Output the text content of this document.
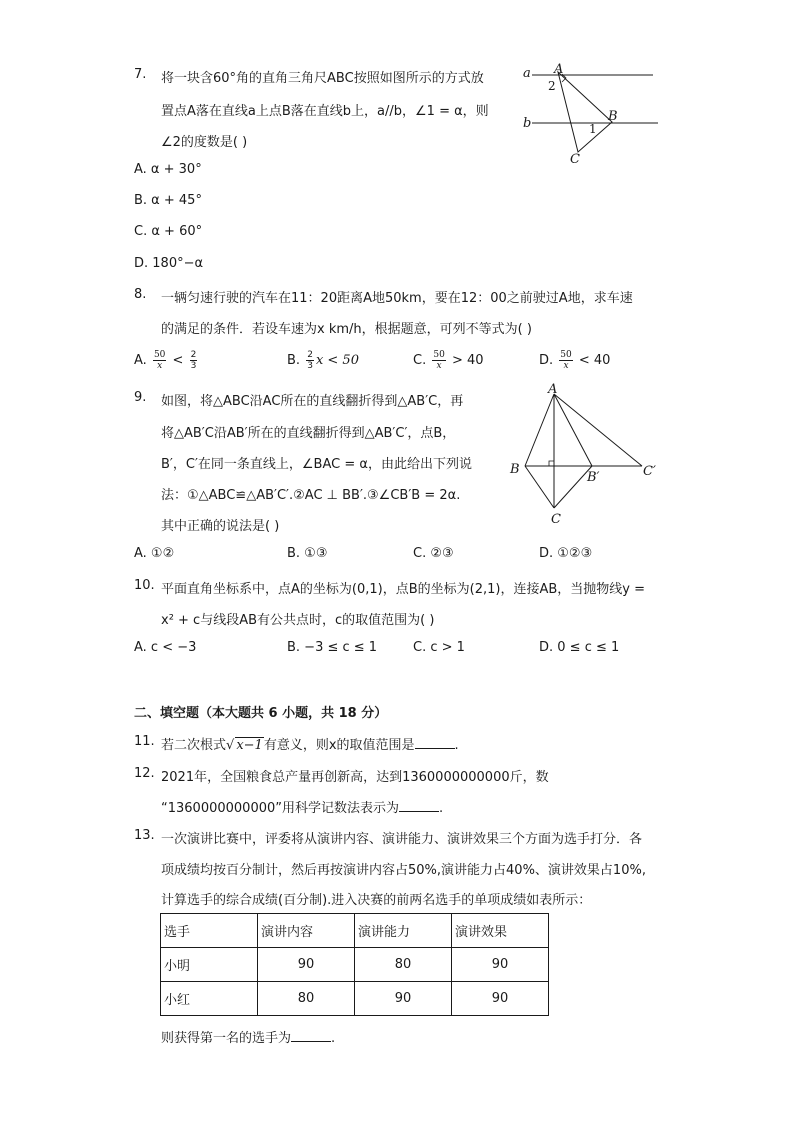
7. 将一块含60°角的直角三角尺ABC按照如图所示的方式放
置点A落在直线a上点B落在直线b上，a//b，∠1 = α，则
∠2的度数是( )
A. α + 30°
B. α + 45°
C. α + 60°
D. 180°−α
a
b
A
B
C
1
2
8. 一辆匀速行驶的汽车在11：20距离A地50km，要在12：00之前驶过A地，求车速
的满足的条件．若设车速为x km/h，根据题意，可列不等式为( )
A. $\frac{50}{x} < \frac{2}{3}$	B. $\frac{2}{3}$ x < 50	C. $\frac{50}{x} > 40$	D. $\frac{50}{x} < 40$
9. 如图，将△ABC沿AC所在的直线翻折得到△AB′C，再
将△AB′C沿AB′所在的直线翻折得到△AB′C′，点B，
B′，C′在同一条直线上，∠BAC = α，由此给出下列说
法：①△ABC≌△AB′C′.②AC ⊥ BB′.③∠CB′B = 2α.
其中正确的说法是( )
A. ①②	B. ①③	C. ②③	D. ①②③
A
B
B′
C
C′
10. 平面直角坐标系中，点A的坐标为(0,1)，点B的坐标为(2,1)，连接AB，当抛物线y =
x² + c与线段AB有公共点时，c的取值范围为( )
A. c < −3	B. −3 ≤ c ≤ 1	C. c > 1	D. 0 ≤ c ≤ 1
二、填空题（本大题共 6 小题，共 18 分）
11. 若二次根式√ x−1有意义，则x的取值范围是	.
12. 2021年，全国粮食总产量再创新高，达到1360000000000斤，数
“1360000000000”用科学记数法表示为	.
13. 一次演讲比赛中，评委将从演讲内容、演讲能力、演讲效果三个方面为选手打分．各
项成绩均按百分制计，然后再按演讲内容占50%,演讲能力占40%、演讲效果占10%,
计算选手的综合成绩(百分制).进入决赛的前两名选手的单项成绩如表所示：
选手	演讲内容	演讲能力	演讲效果
小明	90	80	90
小红	80	90	90
则获得第一名的选手为	.
